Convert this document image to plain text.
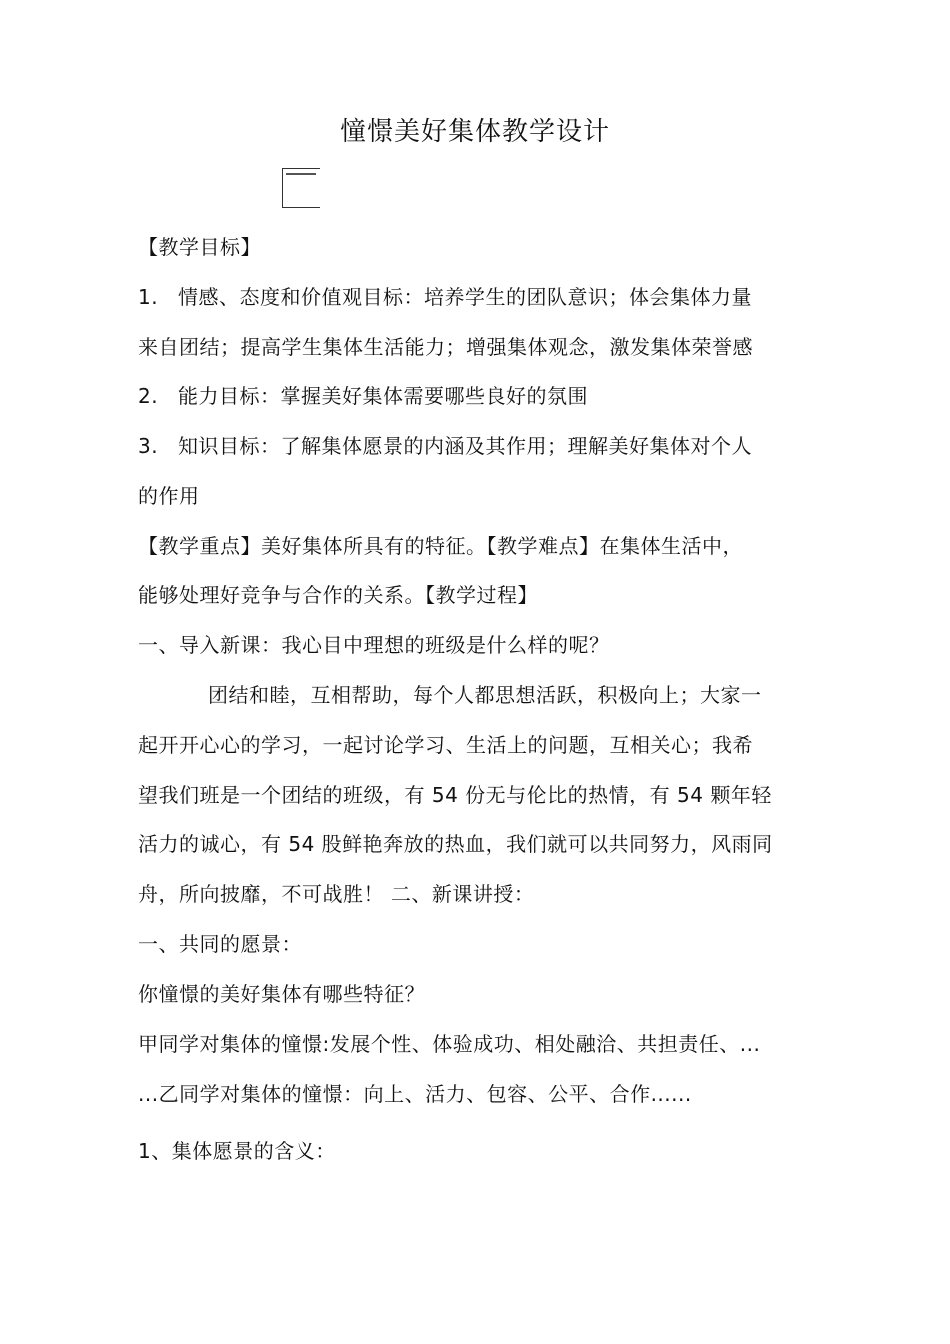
憧憬美好集体教学设计
【教学目标】
1. 情感、态度和价值观目标：培养学生的团队意识；体会集体力量
来自团结；提高学生集体生活能力；增强集体观念，激发集体荣誉感
2. 能力目标：掌握美好集体需要哪些良好的氛围
3. 知识目标：了解集体愿景的内涵及其作用；理解美好集体对个人
的作用
【教学重点】美好集体所具有的特征。【教学难点】在集体生活中，
能够处理好竞争与合作的关系。【教学过程】
一、导入新课：我心目中理想的班级是什么样的呢？
团结和睦，互相帮助，每个人都思想活跃，积极向上；大家一
起开开心心的学习，一起讨论学习、生活上的问题，互相关心；我希
望我们班是一个团结的班级，有 54 份无与伦比的热情，有 54 颗年轻
活力的诚心，有 54 股鲜艳奔放的热血，我们就可以共同努力，风雨同
舟，所向披靡，不可战胜！ 二、新课讲授：
一、共同的愿景：
你憧憬的美好集体有哪些特征？
甲同学对集体的憧憬:发展个性、体验成功、相处融洽、共担责任、...
...乙同学对集体的憧憬：向上、活力、包容、公平、合作......
1、集体愿景的含义：
